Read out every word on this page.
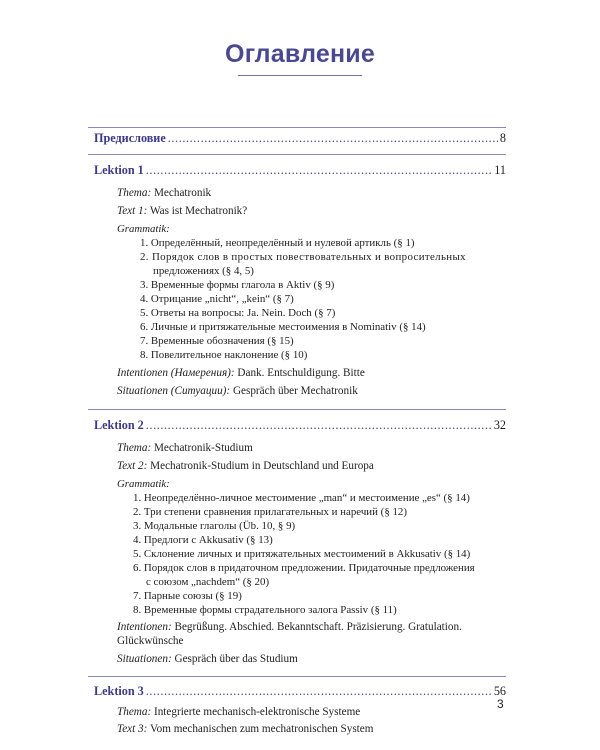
Оглавление
Предисловие .....	8
Lektion 1 .....	11
Thema: Mechatronik
Text 1: Was ist Mechatronik?
Grammatik:
1. Определённый, неопределённый и нулевой артикль (§ 1)
2. Порядок слов в простых повествовательных и вопросительных
предложениях (§ 4, 5)
3. Временные формы глагола в Aktiv (§ 9)
4. Отрицание „nicht“, „kein“ (§ 7)
5. Ответы на вопросы: Ja. Nein. Doch (§ 7)
6. Личные и притяжательные местоимения в Nominativ (§ 14)
7. Временные обозначения (§ 15)
8. Повелительное наклонение (§ 10)
Intentionen (Намерения): Dank. Entschuldigung. Bitte
Situationen (Ситуации): Gespräch über Mechatronik
Lektion 2 .....	32
Thema: Mechatronik-Studium
Text 2: Mechatronik-Studium in Deutschland und Europa
Grammatik:
1. Неопределённо-личное местоимение „man“ и местоимение „es“ (§ 14)
2. Три степени сравнения прилагательных и наречий (§ 12)
3. Модальные глаголы (Üb. 10, § 9)
4. Предлоги с Akkusativ (§ 13)
5. Склонение личных и притяжательных местоимений в Akkusativ (§ 14)
6. Порядок слов в придаточном предложении. Придаточные предложения
с союзом „nachdem“ (§ 20)
7. Парные союзы (§ 19)
8. Временные формы страдательного залога Passiv (§ 11)
Intentionen: Begrüßung. Abschied. Bekanntschaft. Präzisierung. Gratulation.
Glückwünsche
Situationen: Gespräch über das Studium
Lektion 3 .....	56
Thema: Integrierte mechanisch-elektronische Systeme
Text 3: Vom mechanischen zum mechatronischen System
3
